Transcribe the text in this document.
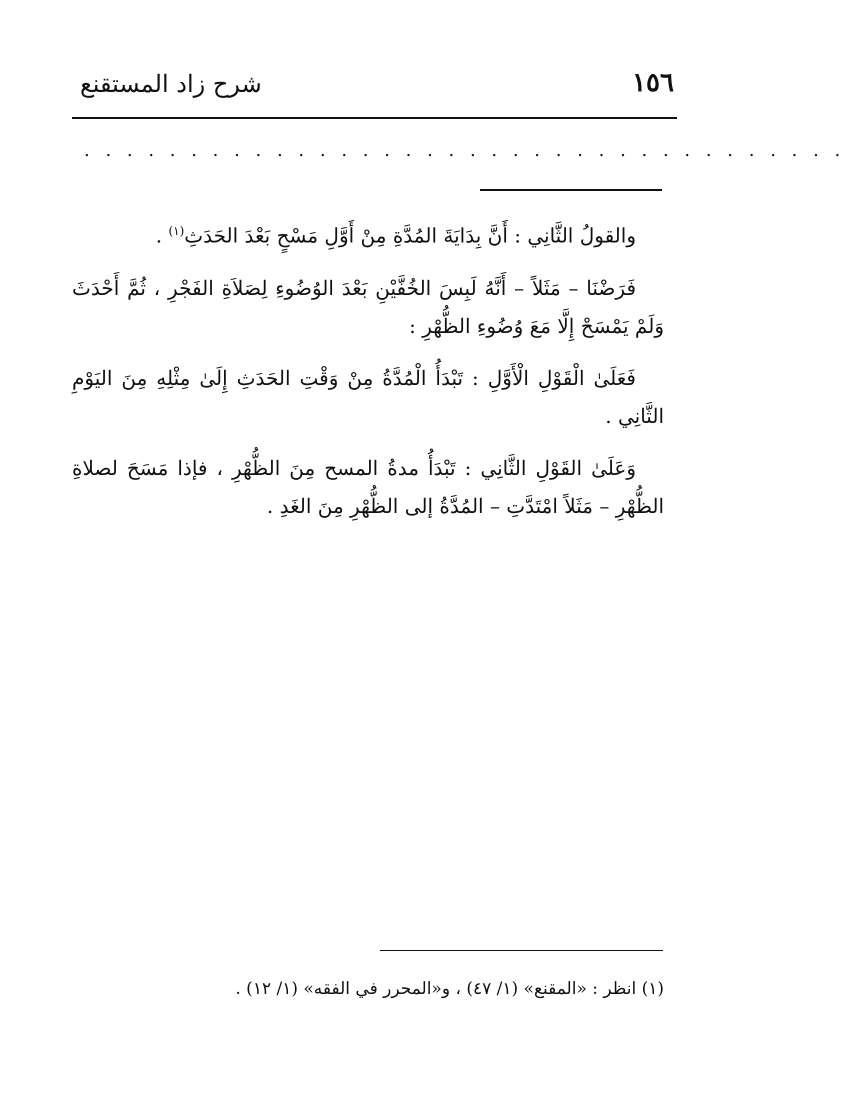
١٥٦
شرح زاد المستقنع
. . . . . . . . . . . . . . . . . . . . . . . . . . . . . . . . . . . .

والقولُ الثَّانِي : أَنَّ بِدَايَةَ المُدَّةِ مِنْ أَوَّلِ مَسْحٍ بَعْدَ الحَدَثِ$^{(١)}$ .

فَرَضْنَا – مَثَلاً – أَنَّهُ لَبِسَ الخُفَّيْنِ بَعْدَ الوُضُوءِ لِصَلاَةِ الفَجْرِ ، ثُمَّ أَحْدَثَ وَلَمْ يَمْسَحْ إِلَّا مَعَ وُضُوءِ الظُّهْرِ :

فَعَلَىٰ الْقَوْلِ الْأَوَّلِ : تَبْدَأُ الْمُدَّةُ مِنْ وَقْتِ الحَدَثِ إِلَىٰ مِثْلِهِ مِنَ اليَوْمِ الثَّانِي .

وَعَلَىٰ القَوْلِ الثَّانِي : تَبْدَأُ مدةُ المسح مِنَ الظُّهْرِ ، فإذا مَسَحَ لصلاةِ الظُّهْرِ – مَثَلاً امْتَدَّتِ – المُدَّةُ إلى الظُّهْرِ مِنَ الغَدِ .

(١) انظر : «المقنع» (١/ ٤٧) ، و«المحرر في الفقه» (١/ ١٢) .
